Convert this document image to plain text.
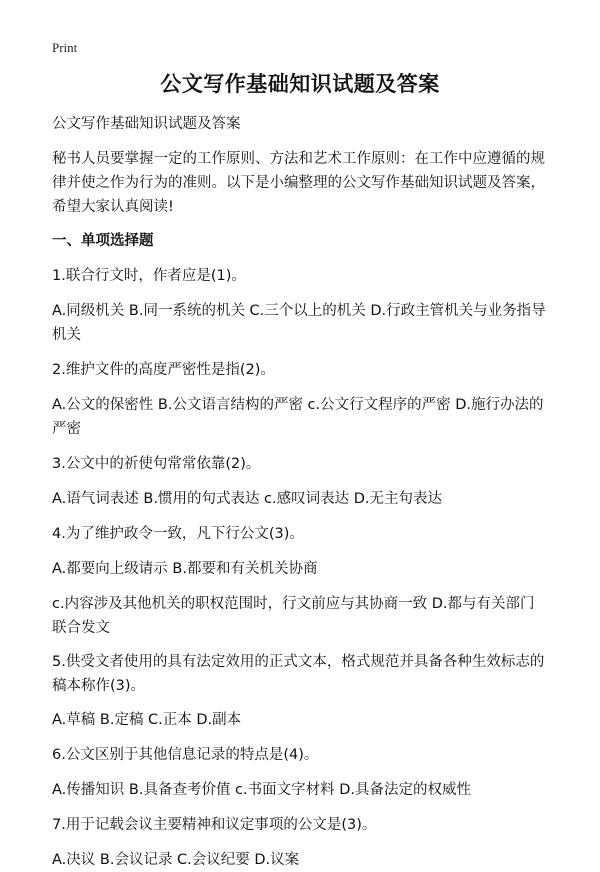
Print
公文写作基础知识试题及答案
公文写作基础知识试题及答案
秘书人员要掌握一定的工作原则、方法和艺术工作原则：在工作中应遵循的规律并使之作为行为的准则。以下是小编整理的公文写作基础知识试题及答案，希望大家认真阅读!
一、单项选择题
1.联合行文时，作者应是(1)。
A.同级机关 B.同一系统的机关 C.三个以上的机关 D.行政主管机关与业务指导机关
2.维护文件的高度严密性是指(2)。
A.公文的保密性 B.公文语言结构的严密 c.公文行文程序的严密 D.施行办法的严密
3.公文中的祈使句常常依靠(2)。
A.语气词表述 B.惯用的句式表达 c.感叹词表达 D.无主句表达
4.为了维护政令一致，凡下行公文(3)。
A.都要向上级请示 B.都要和有关机关协商
c.内容涉及其他机关的职权范围时，行文前应与其协商一致 D.都与有关部门联合发文
5.供受文者使用的具有法定效用的正式文本，格式规范并具备各种生效标志的稿本称作(3)。
A.草稿 B.定稿 C.正本 D.副本
6.公文区别于其他信息记录的特点是(4)。
A.传播知识 B.具备查考价值 c.书面文字材料 D.具备法定的权威性
7.用于记载会议主要精神和议定事项的公文是(3)。
A.决议 B.会议记录 C.会议纪要 D.议案
